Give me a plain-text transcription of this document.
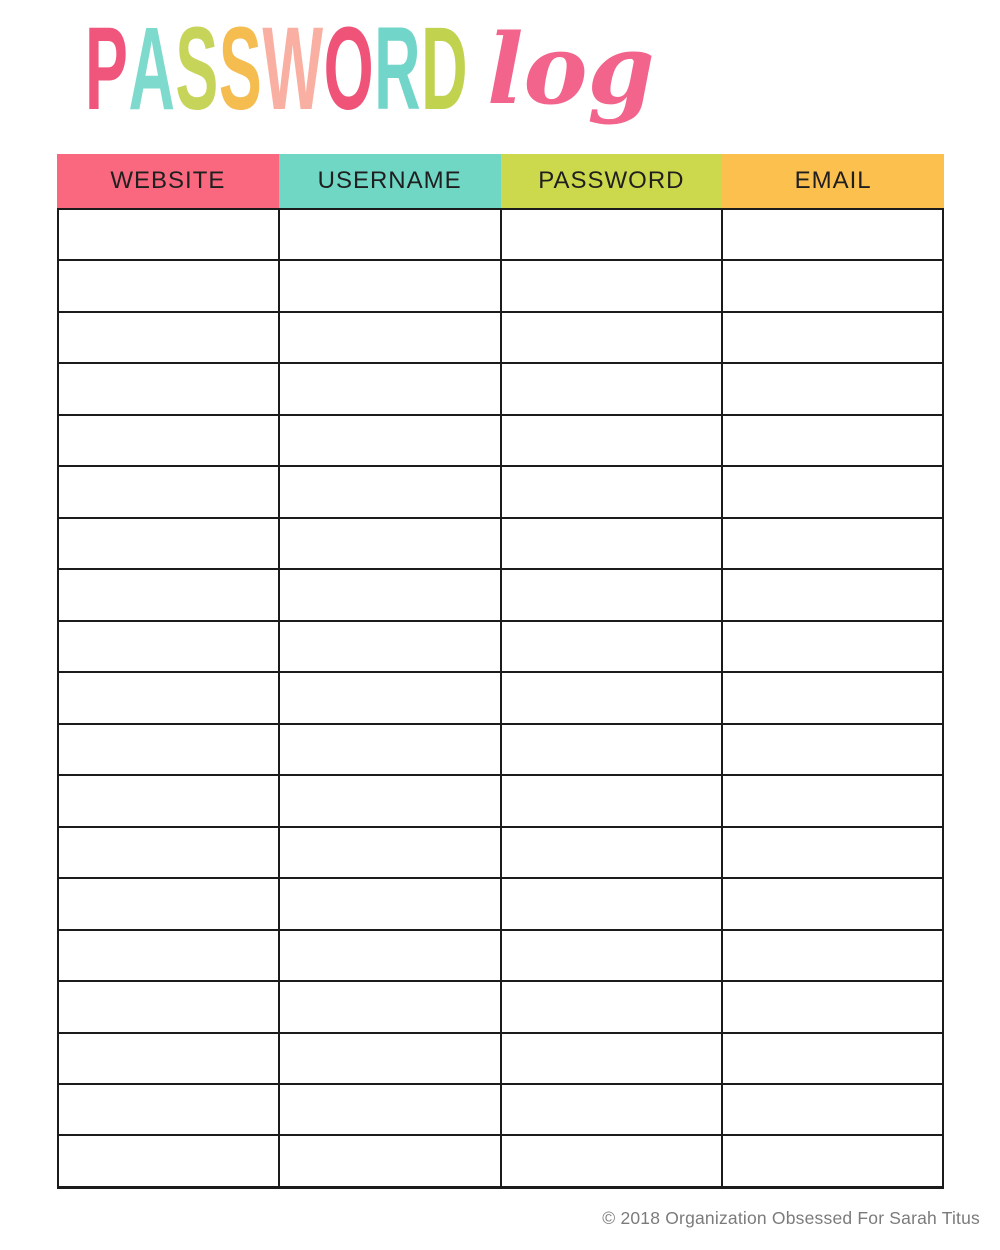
PASSWORD log
WEBSITE	USERNAME	PASSWORD	EMAIL
© 2018 Organization Obsessed For Sarah Titus
